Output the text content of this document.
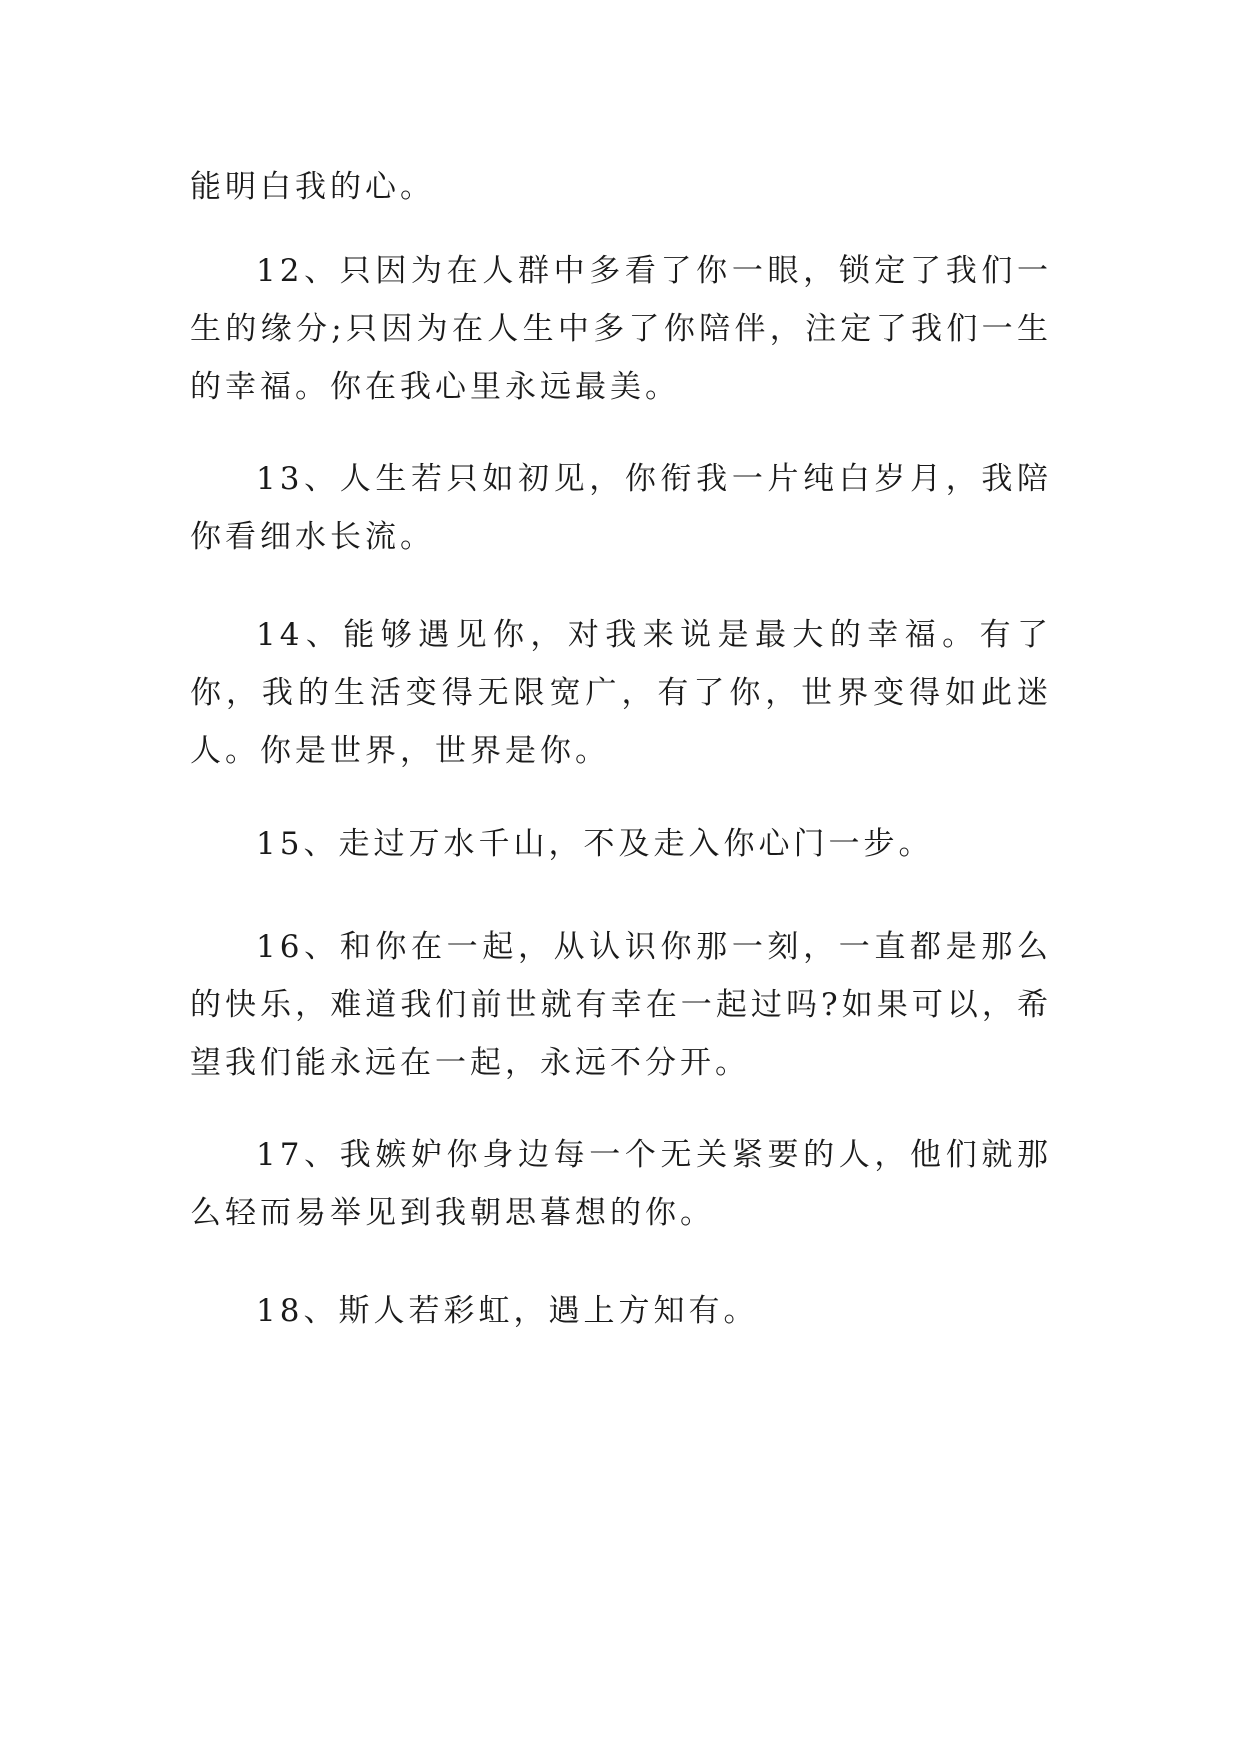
能明白我的心。

12、只因为在人群中多看了你一眼，锁定了我们一生的缘分;只因为在人生中多了你陪伴，注定了我们一生的幸福。你在我心里永远最美。

13、人生若只如初见，你衔我一片纯白岁月，我陪你看细水长流。

14、能够遇见你，对我来说是最大的幸福。有了你，我的生活变得无限宽广，有了你，世界变得如此迷人。你是世界，世界是你。

15、走过万水千山，不及走入你心门一步。

16、和你在一起，从认识你那一刻，一直都是那么的快乐，难道我们前世就有幸在一起过吗?如果可以，希望我们能永远在一起，永远不分开。

17、我嫉妒你身边每一个无关紧要的人，他们就那么轻而易举见到我朝思暮想的你。

18、斯人若彩虹，遇上方知有。
